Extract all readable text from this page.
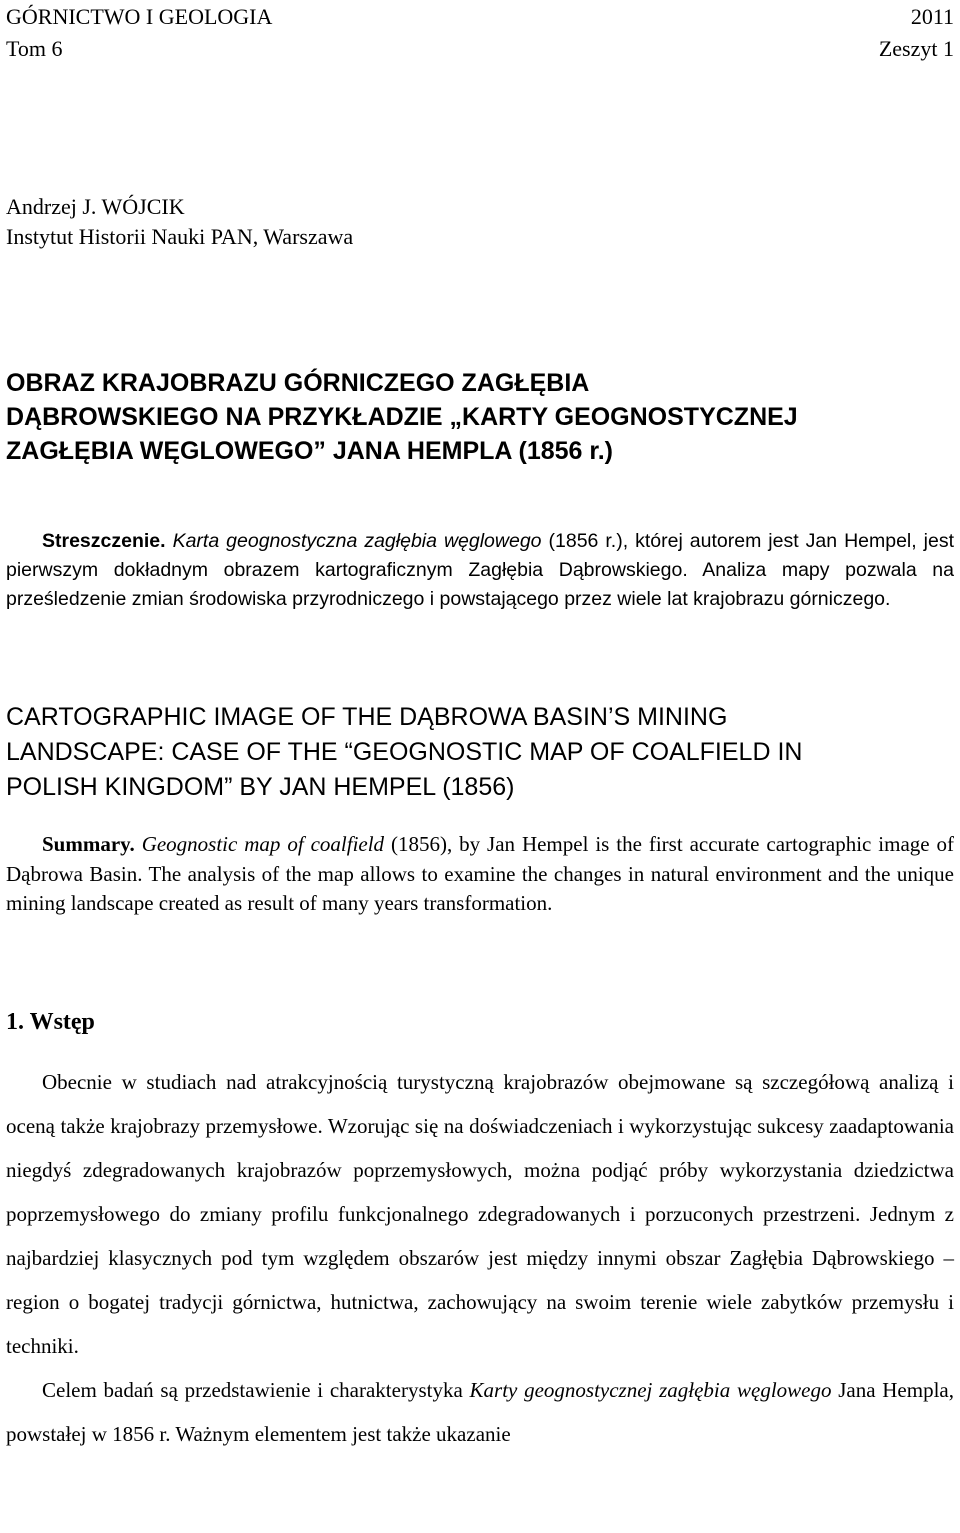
GÓRNICTWO I GEOLOGIA	2011
Tom 6	Zeszyt 1
Andrzej J. WÓJCIK
Instytut Historii Nauki PAN, Warszawa
OBRAZ KRAJOBRAZU GÓRNICZEGO ZAGŁĘBIA
DĄBROWSKIEGO NA PRZYKŁADZIE „KARTY GEOGNOSTYCZNEJ
ZAGŁĘBIA WĘGLOWEGO” JANA HEMPLA (1856 r.)

Streszczenie. Karta geognostyczna zagłębia węglowego (1856 r.), której autorem jest Jan Hempel, jest pierwszym dokładnym obrazem kartograficznym Zagłębia Dąbrowskiego. Analiza mapy pozwala na prześledzenie zmian środowiska przyrodniczego i powstającego przez wiele lat krajobrazu górniczego.

CARTOGRAPHIC IMAGE OF THE DĄBROWA BASIN’S MINING
LANDSCAPE: CASE OF THE “GEOGNOSTIC MAP OF COALFIELD IN
POLISH KINGDOM” BY JAN HEMPEL (1856)

Summary. Geognostic map of coalfield (1856), by Jan Hempel is the first accurate cartographic image of Dąbrowa Basin. The analysis of the map allows to examine the changes in natural environment and the unique mining landscape created as result of many years transformation.

1. Wstęp

Obecnie w studiach nad atrakcyjnością turystyczną krajobrazów obejmowane są szczegółową analizą i oceną także krajobrazy przemysłowe. Wzorując się na doświadczeniach i wykorzystując sukcesy zaadaptowania niegdyś zdegradowanych krajobrazów poprzemysłowych, można podjąć próby wykorzystania dziedzictwa poprzemysłowego do zmiany profilu funkcjonalnego zdegradowanych i porzuconych przestrzeni. Jednym z najbardziej klasycznych pod tym względem obszarów jest między innymi obszar Zagłębia Dąbrowskiego – region o bogatej tradycji górnictwa, hutnictwa, zachowujący na swoim terenie wiele zabytków przemysłu i techniki.

Celem badań są przedstawienie i charakterystyka Karty geognostycznej zagłębia węglowego Jana Hempla, powstałej w 1856 r. Ważnym elementem jest także ukazanie
